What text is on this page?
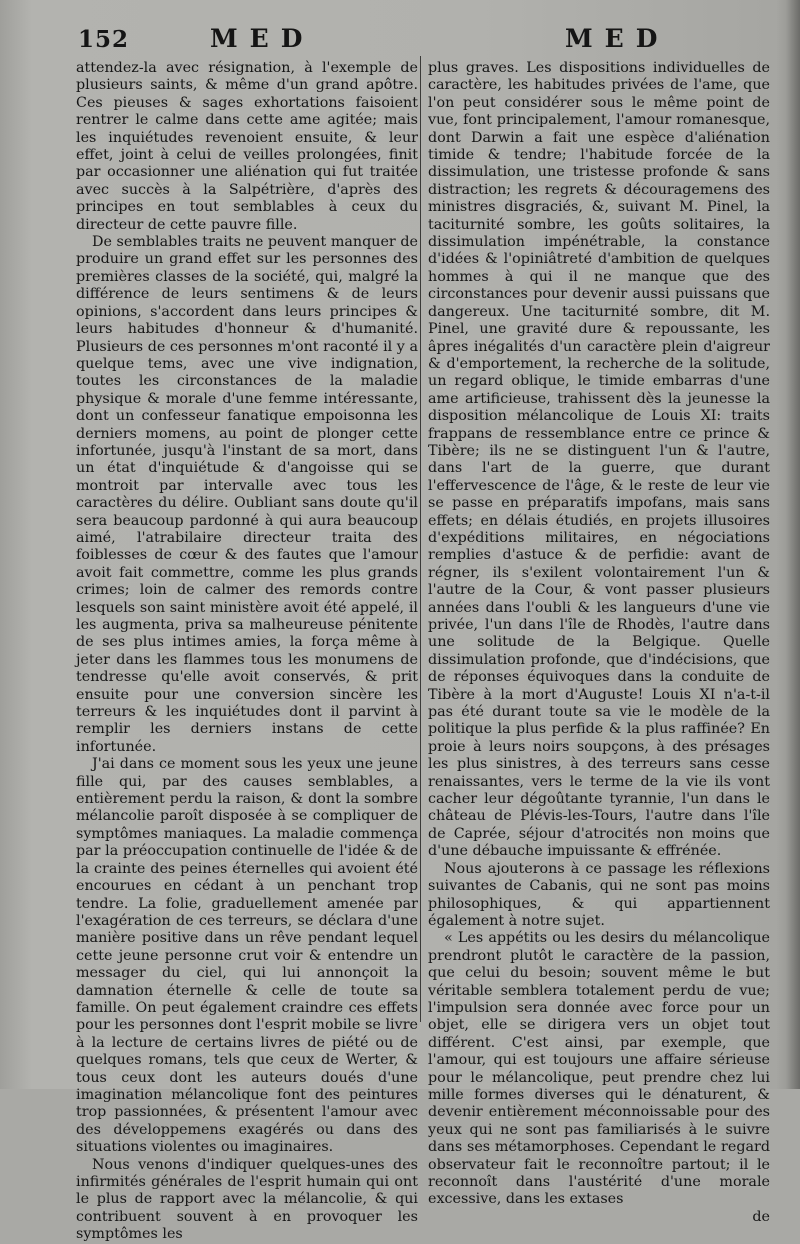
152	MED	MED

attendez-la avec résignation, à l'exemple de plusieurs saints, & même d'un grand apôtre. Ces pieuses & sages exhortations faisoient rentrer le calme dans cette ame agitée; mais les inquiétudes revenoient ensuite, & leur effet, joint à celui de veilles prolongées, finit par occasionner une aliénation qui fut traitée avec succès à la Salpétrière, d'après des principes en tout semblables à ceux du directeur de cette pauvre fille.

De semblables traits ne peuvent manquer de produire un grand effet sur les personnes des premières classes de la société, qui, malgré la différence de leurs sentimens & de leurs opinions, s'accordent dans leurs principes & leurs habitudes d'honneur & d'humanité. Plusieurs de ces personnes m'ont raconté il y a quelque tems, avec une vive indignation, toutes les circonstances de la maladie physique & morale d'une femme intéressante, dont un confesseur fanatique empoisonna les derniers momens, au point de plonger cette infortunée, jusqu'à l'instant de sa mort, dans un état d'inquiétude & d'angoisse qui se montroit par intervalle avec tous les caractères du délire. Oubliant sans doute qu'il sera beaucoup pardonné à qui aura beaucoup aimé, l'atrabilaire directeur traita des foiblesses de cœur & des fautes que l'amour avoit fait commettre, comme les plus grands crimes; loin de calmer des remords contre lesquels son saint ministère avoit été appelé, il les augmenta, priva sa malheureuse pénitente de ses plus intimes amies, la força même à jeter dans les flammes tous les monumens de tendresse qu'elle avoit conservés, & prit ensuite pour une conversion sincère les terreurs & les inquiétudes dont il parvint à remplir les derniers instans de cette infortunée.

J'ai dans ce moment sous les yeux une jeune fille qui, par des causes semblables, a entièrement perdu la raison, & dont la sombre mélancolie paroît disposée à se compliquer de symptômes maniaques. La maladie commença par la préoccupation continuelle de l'idée & de la crainte des peines éternelles qui avoient été encourues en cédant à un penchant trop tendre. La folie, graduellement amenée par l'exagération de ces terreurs, se déclara d'une manière positive dans un rêve pendant lequel cette jeune personne crut voir & entendre un messager du ciel, qui lui annonçoit la damnation éternelle & celle de toute sa famille. On peut également craindre ces effets pour les personnes dont l'esprit mobile se livre à la lecture de certains livres de piété ou de quelques romans, tels que ceux de Werter, & tous ceux dont les auteurs doués d'une imagination mélancolique font des peintures trop passionnées, & présentent l'amour avec des développemens exagérés ou dans des situations violentes ou imaginaires.

Nous venons d'indiquer quelques-unes des infirmités générales de l'esprit humain qui ont le plus de rapport avec la mélancolie, & qui contribuent souvent à en provoquer les symptômes les

plus graves. Les dispositions individuelles de caractère, les habitudes privées de l'ame, que l'on peut considérer sous le même point de vue, font principalement, l'amour romanesque, dont Darwin a fait une espèce d'aliénation timide & tendre; l'habitude forcée de la dissimulation, une tristesse profonde & sans distraction; les regrets & découragemens des ministres disgraciés, &, suivant M. Pinel, la taciturnité sombre, les goûts solitaires, la dissimulation impénétrable, la constance d'idées & l'opiniâtreté d'ambition de quelques hommes à qui il ne manque que des circonstances pour devenir aussi puissans que dangereux. Une taciturnité sombre, dit M. Pinel, une gravité dure & repoussante, les âpres inégalités d'un caractère plein d'aigreur & d'emportement, la recherche de la solitude, un regard oblique, le timide embarras d'une ame artificieuse, trahissent dès la jeunesse la disposition mélancolique de Louis XI: traits frappans de ressemblance entre ce prince & Tibère; ils ne se distinguent l'un & l'autre, dans l'art de la guerre, que durant l'effervescence de l'âge, & le reste de leur vie se passe en préparatifs impofans, mais sans effets; en délais étudiés, en projets illusoires d'expéditions militaires, en négociations remplies d'astuce & de perfidie: avant de régner, ils s'exilent volontairement l'un & l'autre de la Cour, & vont passer plusieurs années dans l'oubli & les langueurs d'une vie privée, l'un dans l'île de Rhodès, l'autre dans une solitude de la Belgique. Quelle dissimulation profonde, que d'indécisions, que de réponses équivoques dans la conduite de Tibère à la mort d'Auguste! Louis XI n'a-t-il pas été durant toute sa vie le modèle de la politique la plus perfide & la plus raffinée? En proie à leurs noirs soupçons, à des présages les plus sinistres, à des terreurs sans cesse renaissantes, vers le terme de la vie ils vont cacher leur dégoûtante tyrannie, l'un dans le château de Plévis-les-Tours, l'autre dans l'île de Caprée, séjour d'atrocités non moins que d'une débauche impuissante & effrénée.

Nous ajouterons à ce passage les réflexions suivantes de Cabanis, qui ne sont pas moins philosophiques, & qui appartiennent également à notre sujet.

« Les appétits ou les desirs du mélancolique prendront plutôt le caractère de la passion, que celui du besoin; souvent même le but véritable semblera totalement perdu de vue; l'impulsion sera donnée avec force pour un objet, elle se dirigera vers un objet tout différent. C'est ainsi, par exemple, que l'amour, qui est toujours une affaire sérieuse pour le mélancolique, peut prendre chez lui mille formes diverses qui le dénaturent, & devenir entièrement méconnoissable pour des yeux qui ne sont pas familiarisés à le suivre dans ses métamorphoses. Cependant le regard observateur fait le reconnoître partout; il le reconnoît dans l'austérité d'une morale excessive, dans les extases

de
